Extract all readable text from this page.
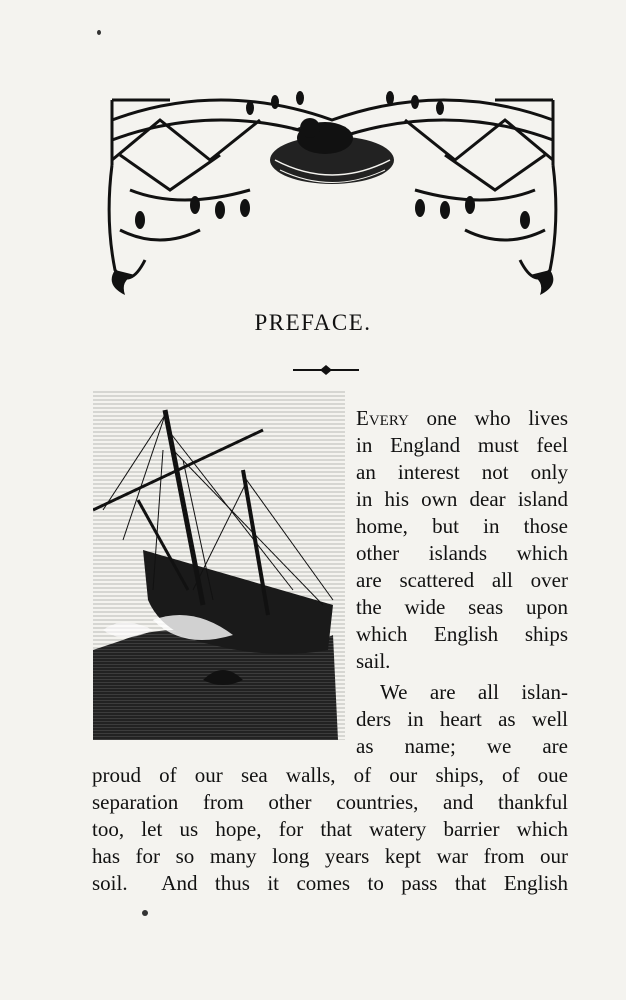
PREFACE.
Every one who lives
in England must feel
an interest not only
in his own dear island
home, but in those
other islands which
are scattered all over
the wide seas upon
which English ships
sail.
We are all islan-
ders in heart as well
as name; we are
proud of our sea walls, of our ships, of oue
separation from other countries, and thankful
too, let us hope, for that watery barrier which
has for so many long years kept war from our
soil.  And thus it comes to pass that English
